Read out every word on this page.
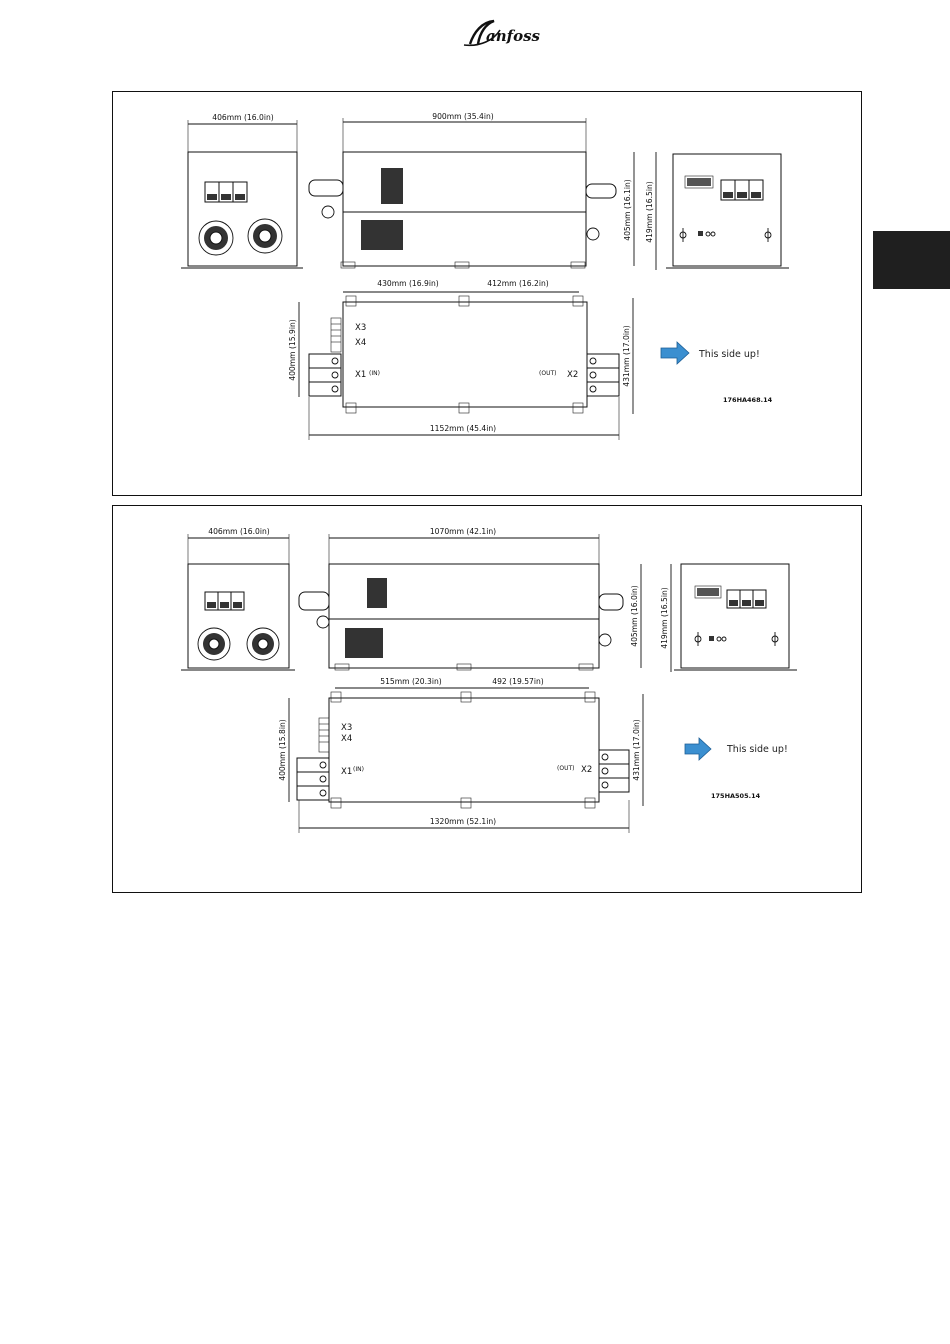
anfoss
406mm (16.0in)	900mm (35.4in)
405mm (16.1in) 419mm (16.5in)
430mm (16.9in)	412mm (16.2in)
X3
X4
X1 (IN)	X2
(OUT)
400mm (15.9in)	431mm (17.0in)
1152mm (45.4in)
This side up!
176HA468.14
406mm (16.0in)	1070mm (42.1in)
405mm (16.0in)	419mm (16.5in)
515mm (20.3in)	492 (19.57in)
X3
X4
X1 (IN)	X2
(OUT)
400mm (15.8in)	431mm (17.0in)
1320mm (52.1in)
This side up!
175HA505.14
